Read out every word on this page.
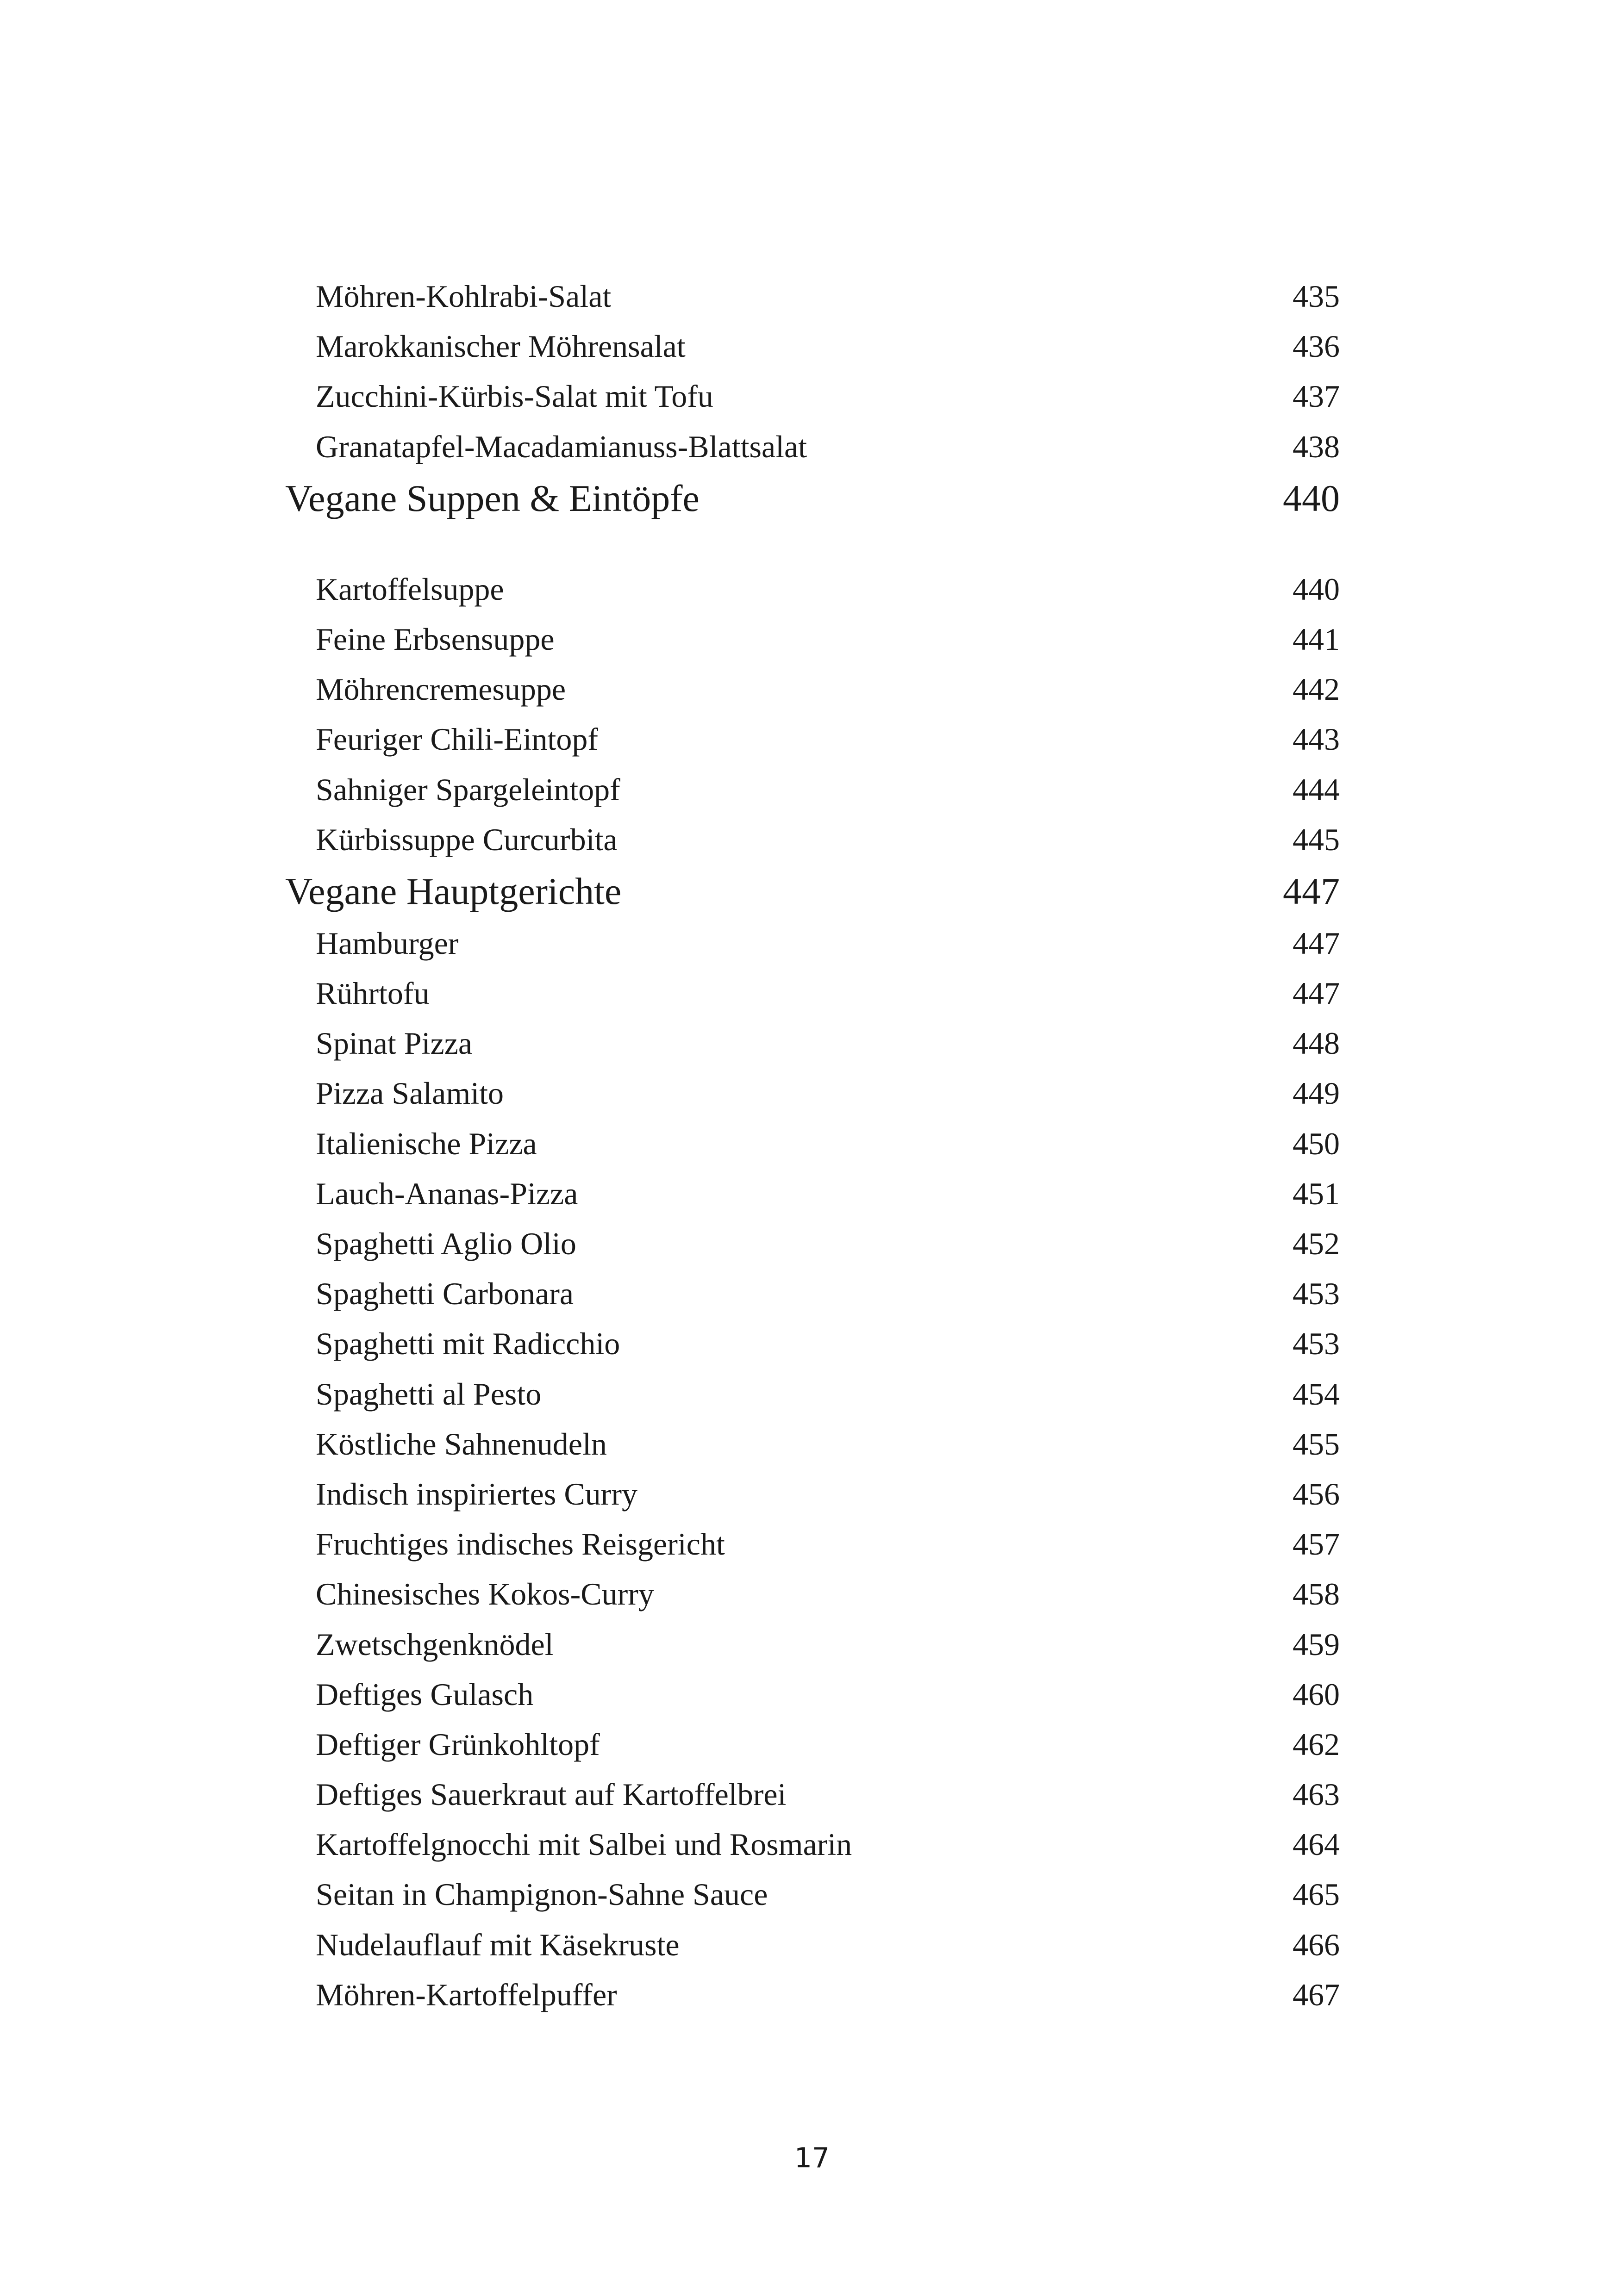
Möhren-Kohlrabi-Salat	435
Marokkanischer Möhrensalat	436
Zucchini-Kürbis-Salat mit Tofu	437
Granatapfel-Macadamianuss-Blattsalat	438
Vegane Suppen & Eintöpfe	440
Kartoffelsuppe	440
Feine Erbsensuppe	441
Möhrencremesuppe	442
Feuriger Chili-Eintopf	443
Sahniger Spargeleintopf	444
Kürbissuppe Curcurbita	445
Vegane Hauptgerichte	447
Hamburger	447
Rührtofu	447
Spinat Pizza	448
Pizza Salamito	449
Italienische Pizza	450
Lauch-Ananas-Pizza	451
Spaghetti Aglio Olio	452
Spaghetti Carbonara	453
Spaghetti mit Radicchio	453
Spaghetti al Pesto	454
Köstliche Sahnenudeln	455
Indisch inspiriertes Curry	456
Fruchtiges indisches Reisgericht	457
Chinesisches Kokos-Curry	458
Zwetschgenknödel	459
Deftiges Gulasch	460
Deftiger Grünkohltopf	462
Deftiges Sauerkraut auf Kartoffelbrei	463
Kartoffelgnocchi mit Salbei und Rosmarin	464
Seitan in Champignon-Sahne Sauce	465
Nudelauflauf mit Käsekruste	466
Möhren-Kartoffelpuffer	467
17
